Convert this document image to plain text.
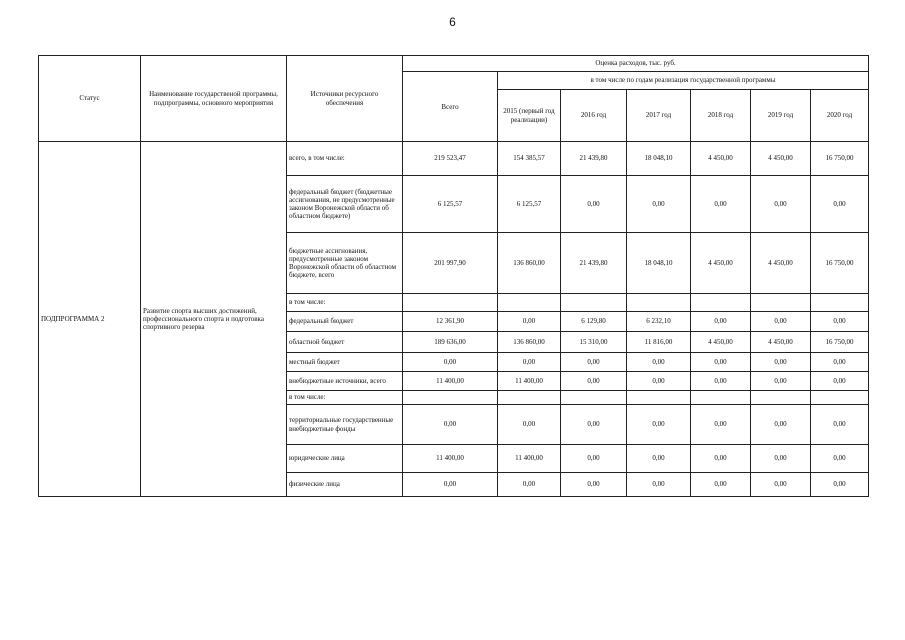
6
Статус	Наименование государственой программы, подпрограммы, основного мероприятия	Источники ресурсного обеспечения	Оценка расходов, тыс. руб.						
			Всего	в том числе по годам реализация государственной программы					
				2015 (первый год реализации)	2016 год	2017 год	2018 год	2019 год	2020 год
ПОДПРОГРАММА 2	Развитие спорта высших достижений, профессионального спорта и подготовка спортивного резерва	всего, в том числе:	219 523,47	154 385,57	21 439,80	18 048,10	4 450,00	4 450,00	16 750,00
		федеральный бюджет (бюджетные ассигнования, не предусмотренные законом Воронежской области об областном бюджете)	6 125,57	6 125,57	0,00	0,00	0,00	0,00	0,00
		бюджетные ассигнования, предусмотренные законом Воронежской области об областном бюджете, всего	201 997,90	136 860,00	21 439,80	18 048,10	4 450,00	4 450,00	16 750,00
		в том числе:							
		федеральный бюджет	12 361,90	0,00	6 129,80	6 232,10	0,00	0,00	0,00
		областной бюджет	189 636,00	136 860,00	15 310,00	11 816,00	4 450,00	4 450,00	16 750,00
		местный бюджет	0,00	0,00	0,00	0,00	0,00	0,00	0,00
		внебюджетные источники, всего	11 400,00	11 400,00	0,00	0,00	0,00	0,00	0,00
		в том числе:							
		территориальные государственные внебюджетные фонды	0,00	0,00	0,00	0,00	0,00	0,00	0,00
		юридические лица	11 400,00	11 400,00	0,00	0,00	0,00	0,00	0,00
		физические лица	0,00	0,00	0,00	0,00	0,00	0,00	0,00
